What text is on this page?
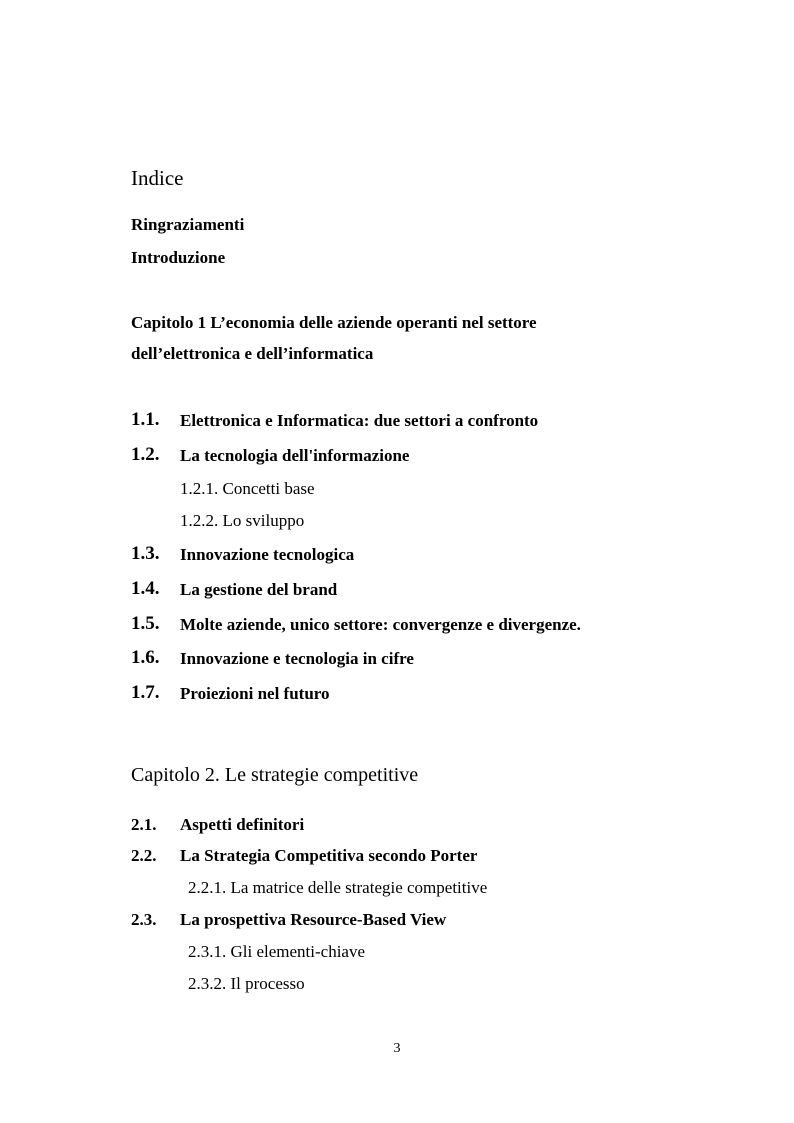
Indice
Ringraziamenti
Introduzione
Capitolo 1 L’economia delle aziende operanti nel settore
dell’elettronica e dell’informatica
1.1. Elettronica e Informatica: due settori a confronto
1.2. La tecnologia dell'informazione
1.2.1. Concetti base
1.2.2. Lo sviluppo
1.3. Innovazione tecnologica
1.4. La gestione del brand
1.5. Molte aziende, unico settore: convergenze e divergenze.
1.6. Innovazione e tecnologia in cifre
1.7. Proiezioni nel futuro
Capitolo 2. Le strategie competitive
2.1. Aspetti definitori
2.2. La Strategia Competitiva secondo Porter
2.2.1. La matrice delle strategie competitive
2.3. La prospettiva Resource-Based View
2.3.1. Gli elementi-chiave
2.3.2. Il processo
3
